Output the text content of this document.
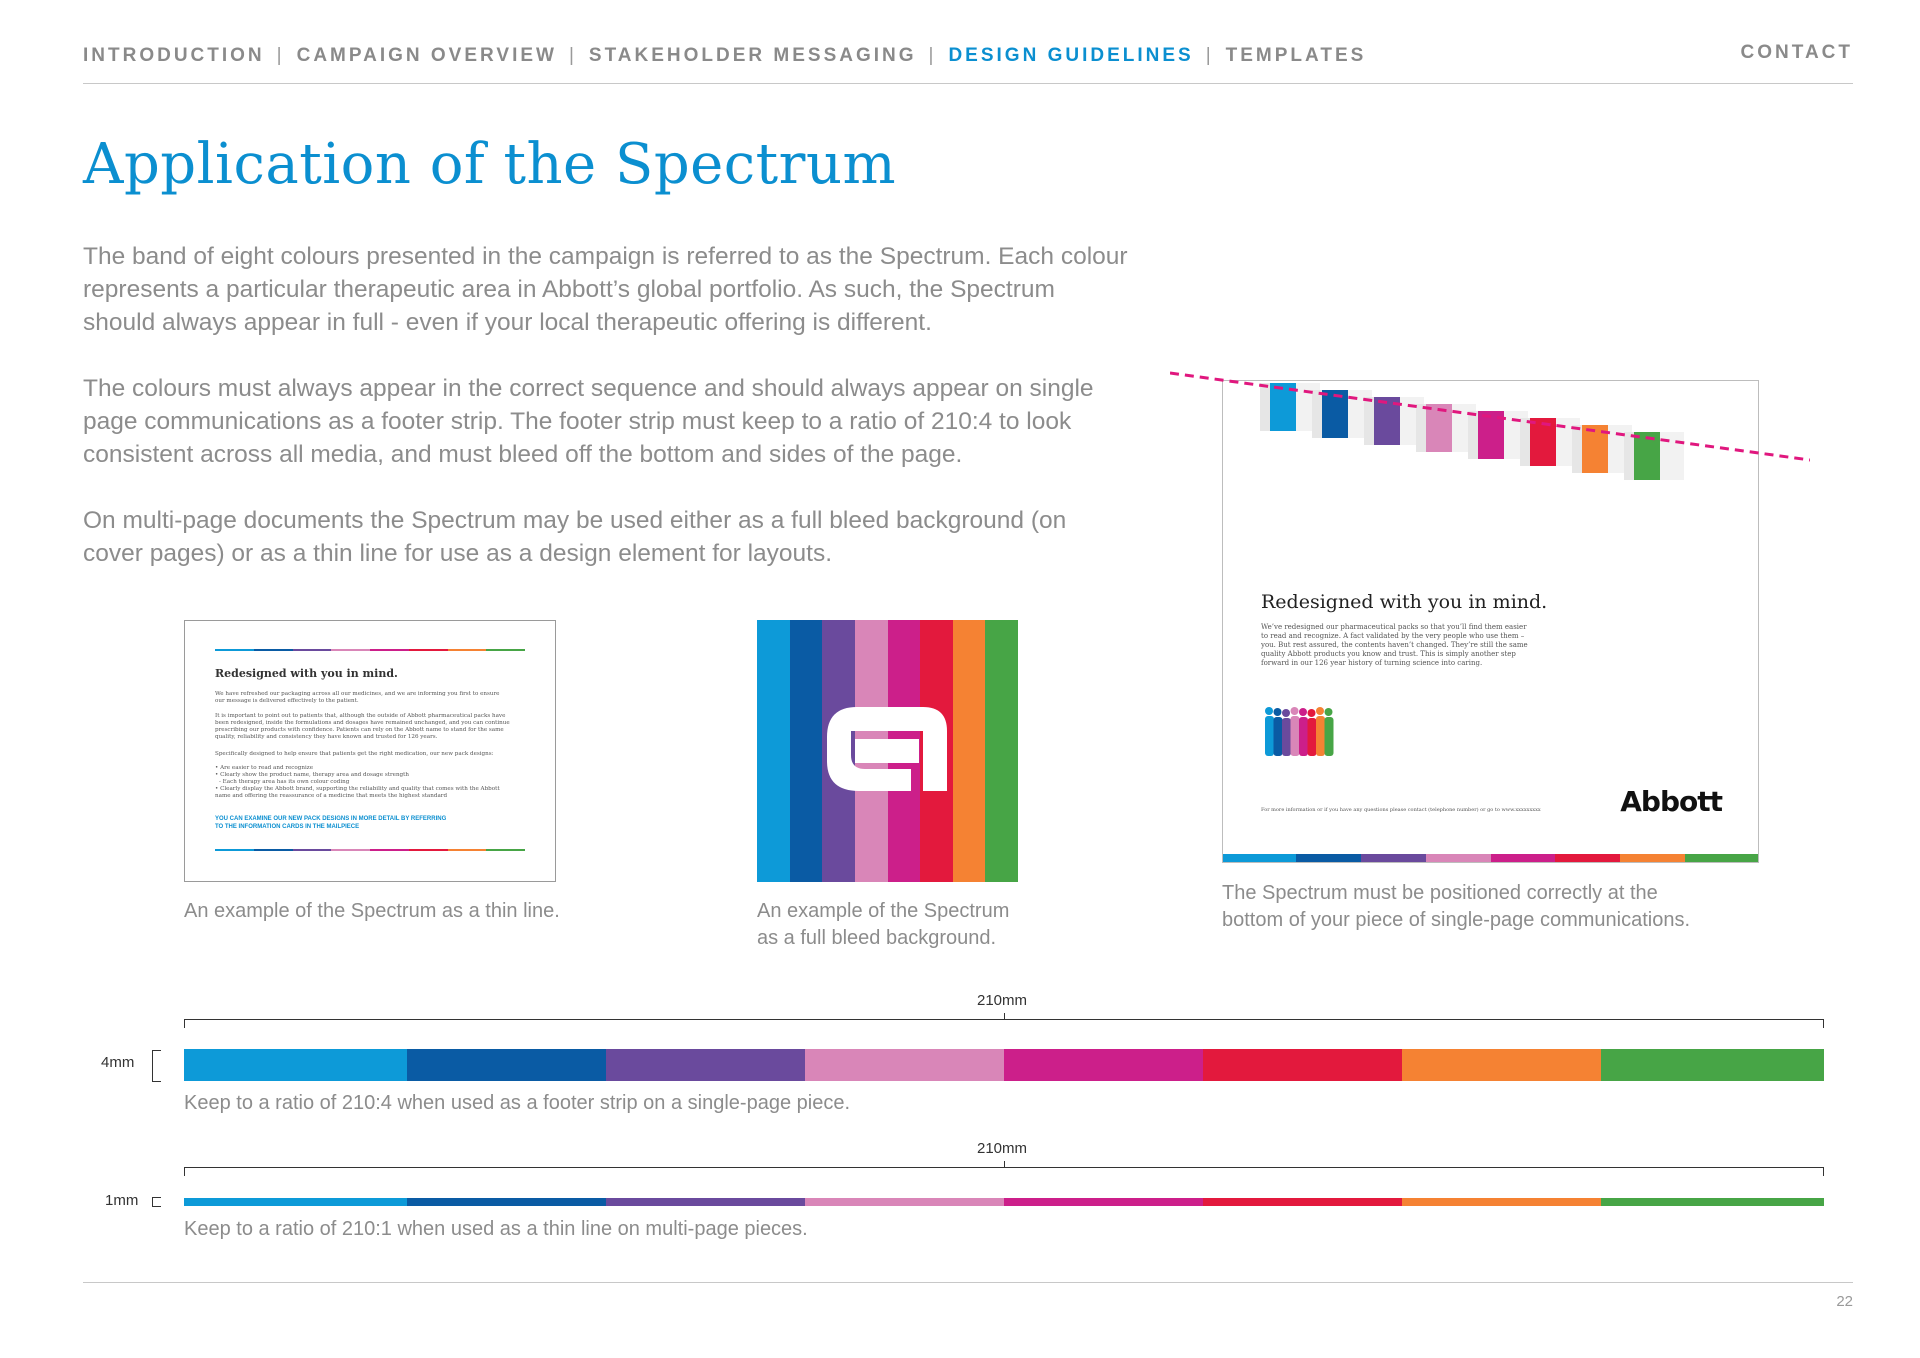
INTRODUCTION | CAMPAIGN OVERVIEW | STAKEHOLDER MESSAGING | DESIGN GUIDELINES | TEMPLATES	CONTACT
Application of the Spectrum

The band of eight colours presented in the campaign is referred to as the Spectrum. Each colour represents a particular therapeutic area in Abbott’s global portfolio. As such, the Spectrum should always appear in full - even if your local therapeutic offering is different.

The colours must always appear in the correct sequence and should always appear on single page communications as a footer strip. The footer strip must keep to a ratio of 210:4 to look consistent across all media, and must bleed off the bottom and sides of the page.

On multi-page documents the Spectrum may be used either as a full bleed background (on cover pages) or as a thin line for use as a design element for layouts.

Redesigned with you in mind.
We have refreshed our packaging across all our medicines, and we are informing you first to ensure our message is delivered effectively to the patient.
It is important to point out to patients that, although the outside of Abbott pharmaceutical packs have been redesigned, inside the formulations and dosages have remained unchanged, and you can continue prescribing our products with confidence. Patients can rely on the Abbott name to stand for the same quality, reliability and consistency they have known and trusted for 126 years.
Specifically designed to help ensure that patients get the right medication, our new pack designs:
• Are easier to read and recognize
• Clearly show the product name, therapy area and dosage strength
- Each therapy area has its own colour coding
• Clearly display the Abbott brand, supporting the reliability and quality that comes with the Abbott name and offering the reassurance of a medicine that meets the highest standard
YOU CAN EXAMINE OUR NEW PACK DESIGNS IN MORE DETAIL BY REFERRING TO THE INFORMATION CARDS IN THE MAILPIECE

An example of the Spectrum as a thin line.	An example of the Spectrum
as a full bleed background.

Redesigned with you in mind.
We’ve redesigned our pharmaceutical packs so that you’ll find them easier to read and recognize. A fact validated by the very people who use them – you. But rest assured, the contents haven’t changed. They’re still the same quality Abbott products you know and trust. This is simply another step forward in our 126 year history of turning science into caring.
For more information or if you have any questions please contact (telephone number) or go to www.xxxxxxxxx	Abbott

The Spectrum must be positioned correctly at the
bottom of your piece of single-page communications.

210mm
4mm

Keep to a ratio of 210:4 when used as a footer strip on a single-page piece.

210mm
1mm

Keep to a ratio of 210:1 when used as a thin line on multi-page pieces.

22
